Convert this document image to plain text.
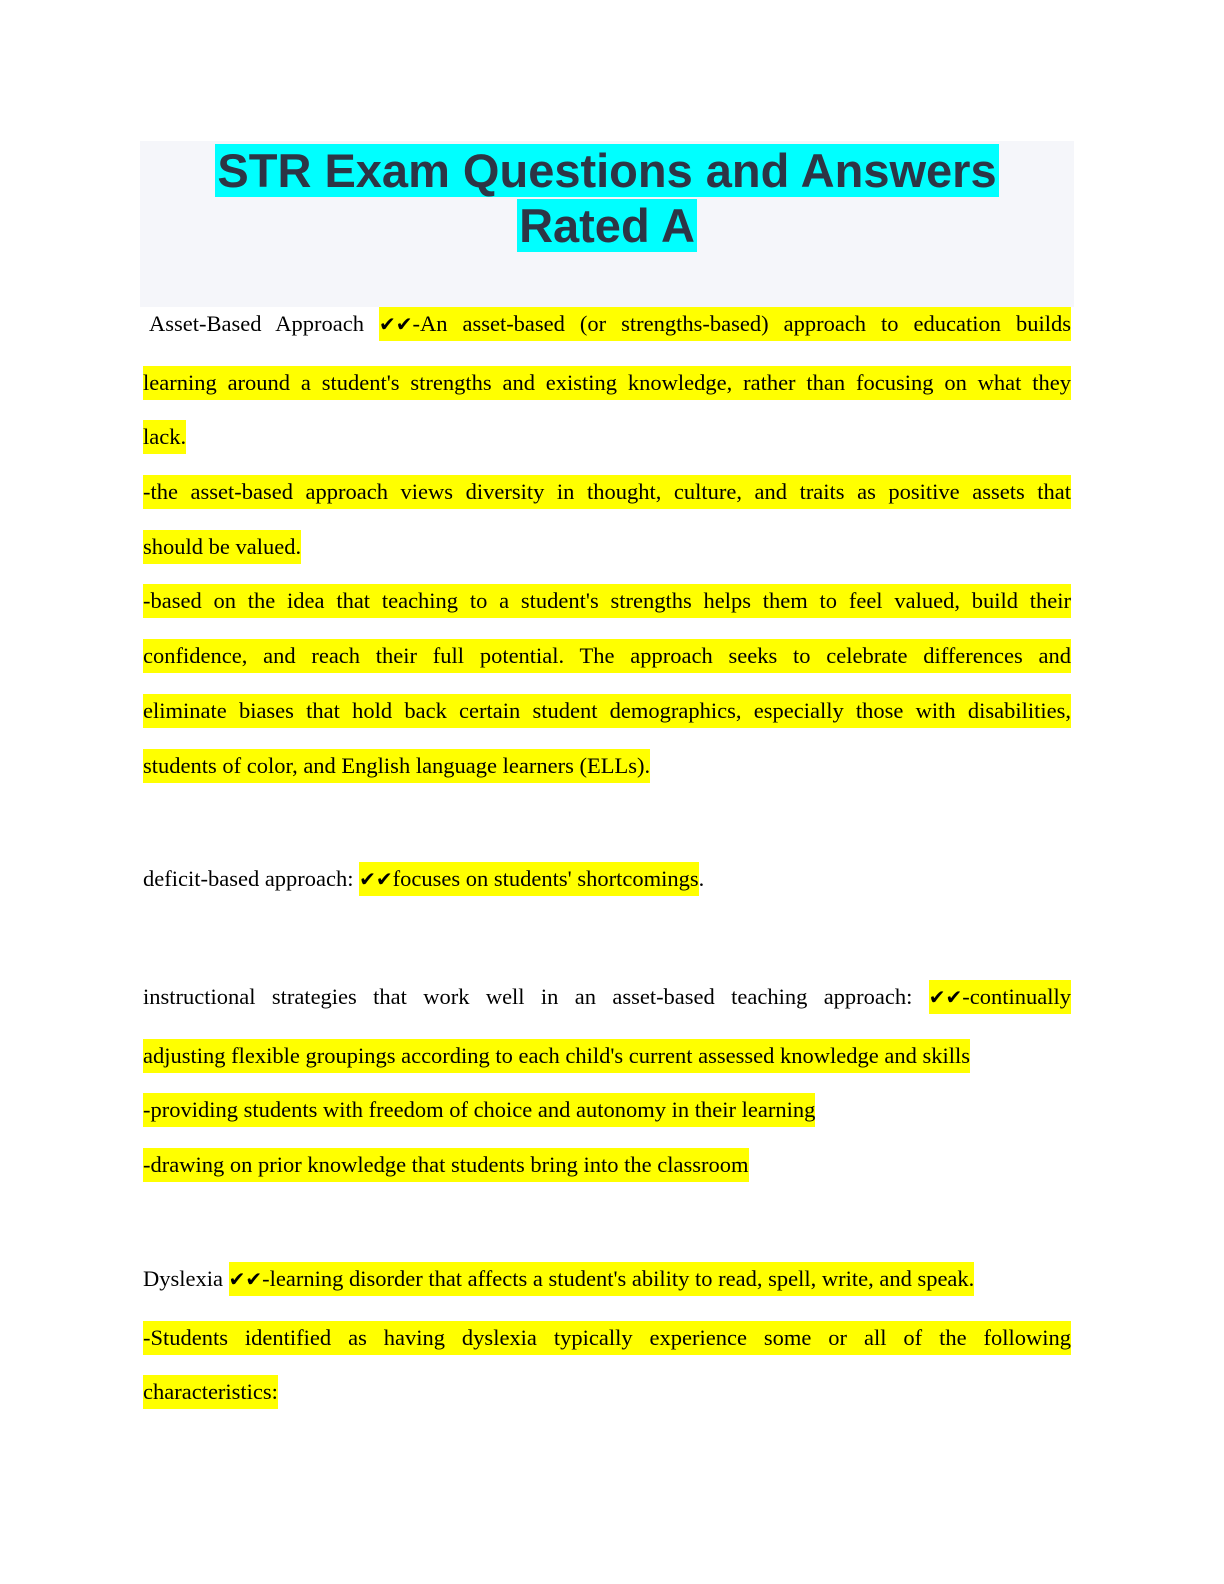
STR Exam Questions and Answers
Rated A

Asset-Based Approach ✔✔-An asset-based (or strengths-based) approach to education builds

learning around a student's strengths and existing knowledge, rather than focusing on what they

lack.

-the asset-based approach views diversity in thought, culture, and traits as positive assets that

should be valued.

-based on the idea that teaching to a student's strengths helps them to feel valued, build their

confidence, and reach their full potential. The approach seeks to celebrate differences and

eliminate biases that hold back certain student demographics, especially those with disabilities,

students of color, and English language learners (ELLs).

deficit-based approach: ✔✔focuses on students' shortcomings.

instructional strategies that work well in an asset-based teaching approach: ✔✔-continually

adjusting flexible groupings according to each child's current assessed knowledge and skills

-providing students with freedom of choice and autonomy in their learning

-drawing on prior knowledge that students bring into the classroom

Dyslexia ✔✔-learning disorder that affects a student's ability to read, spell, write, and speak.

-Students identified as having dyslexia typically experience some or all of the following

characteristics:
